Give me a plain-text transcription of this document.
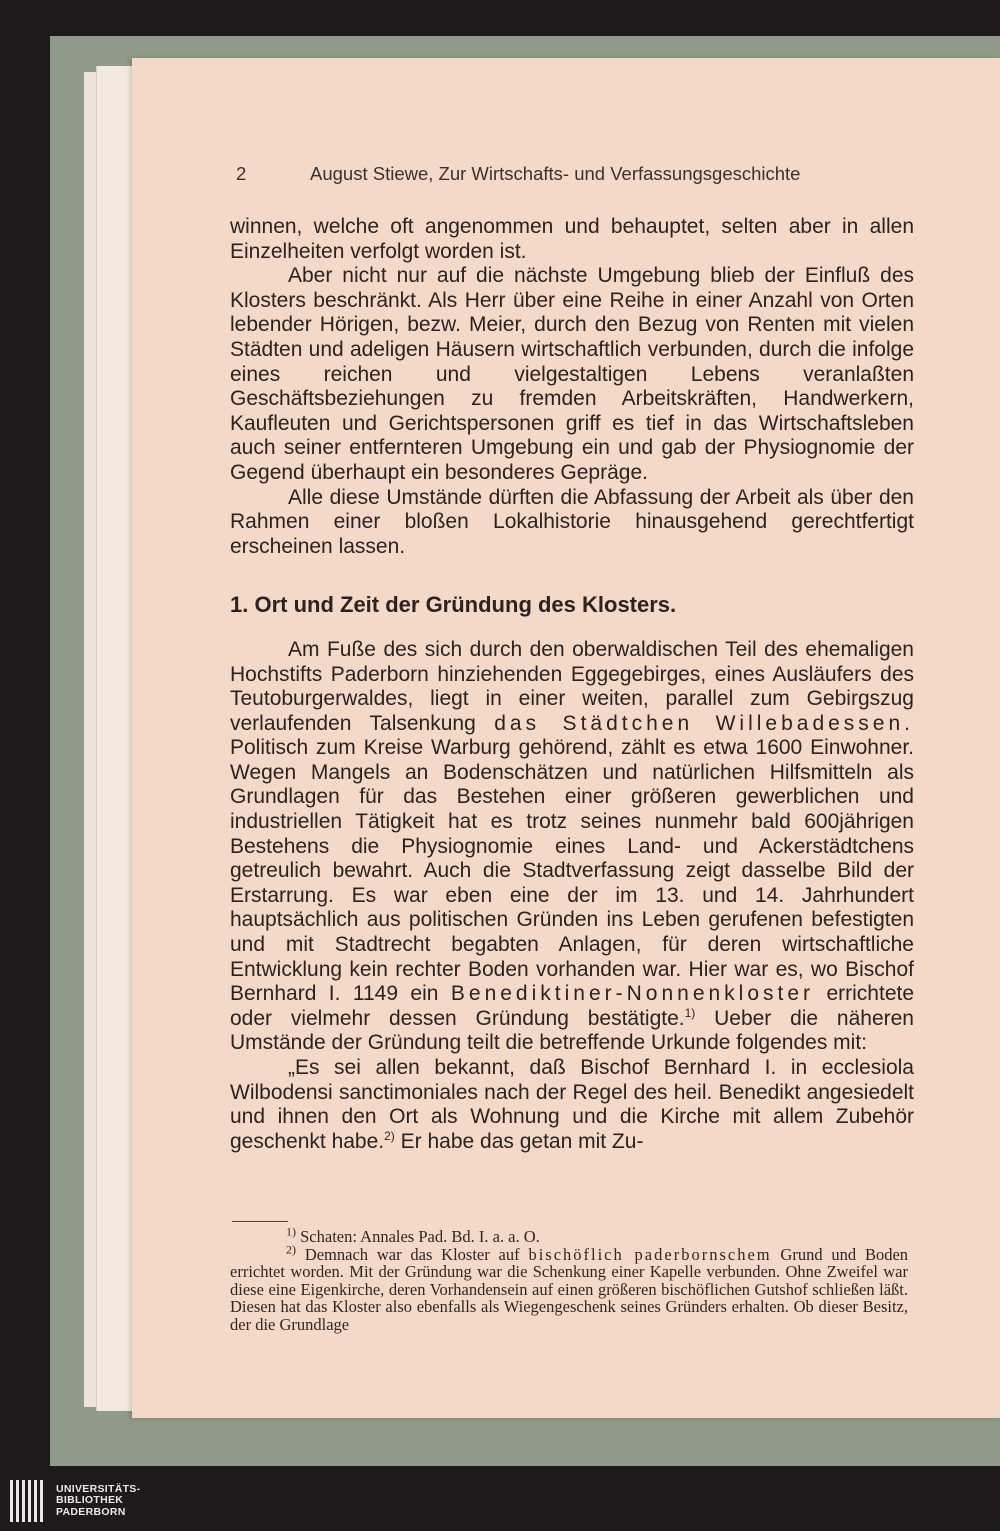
2	August Stiewe, Zur Wirtschafts- und Verfassungsgeschichte

winnen, welche oft angenommen und behauptet, selten aber in allen Einzelheiten verfolgt worden ist.

Aber nicht nur auf die nächste Umgebung blieb der Einfluß des Klosters beschränkt. Als Herr über eine Reihe in einer Anzahl von Orten lebender Hörigen, bezw. Meier, durch den Bezug von Renten mit vielen Städten und adeligen Häusern wirtschaftlich verbunden, durch die infolge eines reichen und vielgestaltigen Lebens veranlaßten Geschäftsbeziehungen zu fremden Arbeitskräften, Handwerkern, Kaufleuten und Gerichtspersonen griff es tief in das Wirtschaftsleben auch seiner entfernteren Umgebung ein und gab der Physiognomie der Gegend überhaupt ein besonderes Gepräge.

Alle diese Umstände dürften die Abfassung der Arbeit als über den Rahmen einer bloßen Lokalhistorie hinausgehend gerechtfertigt erscheinen lassen.

1. Ort und Zeit der Gründung des Klosters.

Am Fuße des sich durch den oberwaldischen Teil des ehemaligen Hochstifts Paderborn hinziehenden Eggegebirges, eines Ausläufers des Teutoburgerwaldes, liegt in einer weiten, parallel zum Gebirgszug verlaufenden Talsenkung das Städtchen Willebadessen. Politisch zum Kreise Warburg gehörend, zählt es etwa 1600 Einwohner. Wegen Mangels an Bodenschätzen und natürlichen Hilfsmitteln als Grundlagen für das Bestehen einer größeren gewerblichen und industriellen Tätigkeit hat es trotz seines nunmehr bald 600jährigen Bestehens die Physiognomie eines Land- und Ackerstädtchens getreulich bewahrt. Auch die Stadtverfassung zeigt dasselbe Bild der Erstarrung. Es war eben eine der im 13. und 14. Jahrhundert hauptsächlich aus politischen Gründen ins Leben gerufenen befestigten und mit Stadtrecht begabten Anlagen, für deren wirtschaftliche Entwicklung kein rechter Boden vorhanden war. Hier war es, wo Bischof Bernhard I. 1149 ein Benediktiner-Nonnenkloster errichtete oder vielmehr dessen Gründung bestätigte.$^{1)}$ Ueber die näheren Umstände der Gründung teilt die betreffende Urkunde folgendes mit:

„Es sei allen bekannt, daß Bischof Bernhard I. in ecclesiola Wilbodensi sanctimoniales nach der Regel des heil. Benedikt angesiedelt und ihnen den Ort als Wohnung und die Kirche mit allem Zubehör geschenkt habe.$^{2)}$ Er habe das getan mit Zu-

$^{1)}$ Schaten: Annales Pad. Bd. I. a. a. O.

$^{2)}$ Demnach war das Kloster auf bischöflich paderbornschem Grund und Boden errichtet worden. Mit der Gründung war die Schenkung einer Kapelle verbunden. Ohne Zweifel war diese eine Eigenkirche, deren Vorhandensein auf einen größeren bischöflichen Gutshof schließen läßt. Diesen hat das Kloster also ebenfalls als Wiegengeschenk seines Gründers erhalten. Ob dieser Besitz, der die Grundlage

UNIVERSITÄTS-
BIBLIOTHEK
PADERBORN
